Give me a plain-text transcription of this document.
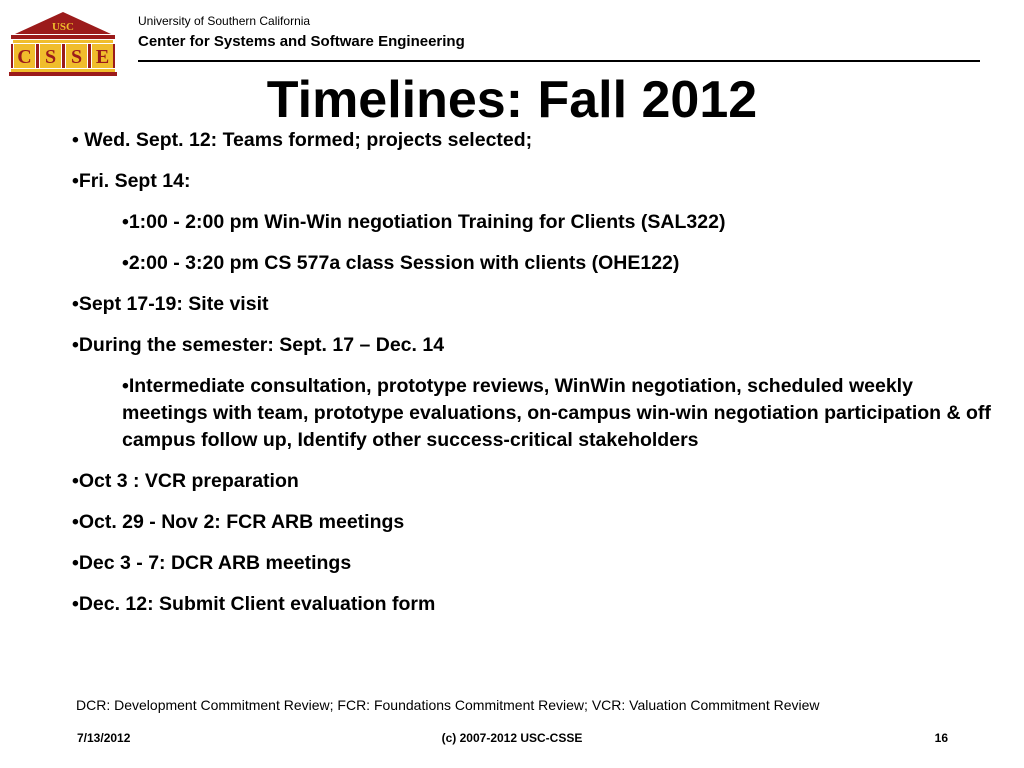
USC
C S S E
University of Southern California
Center for Systems and Software Engineering
Timelines: Fall 2012
• Wed. Sept. 12: Teams formed; projects selected;
•Fri. Sept 14:
•1:00 - 2:00 pm Win-Win negotiation Training for Clients (SAL322)
•2:00 - 3:20 pm CS 577a class Session with clients (OHE122)
•Sept 17-19: Site visit
•During the semester: Sept. 17 – Dec. 14
•Intermediate consultation, prototype reviews, WinWin negotiation, scheduled weekly meetings with team, prototype evaluations, on-campus win-win negotiation participation & off campus follow up, Identify other success-critical stakeholders
•Oct 3 : VCR preparation
•Oct. 29 - Nov 2: FCR ARB meetings
•Dec 3 - 7: DCR ARB meetings
•Dec. 12: Submit Client evaluation form
DCR: Development Commitment Review; FCR: Foundations Commitment Review; VCR: Valuation Commitment Review
7/13/2012	(c) 2007-2012 USC-CSSE	16
